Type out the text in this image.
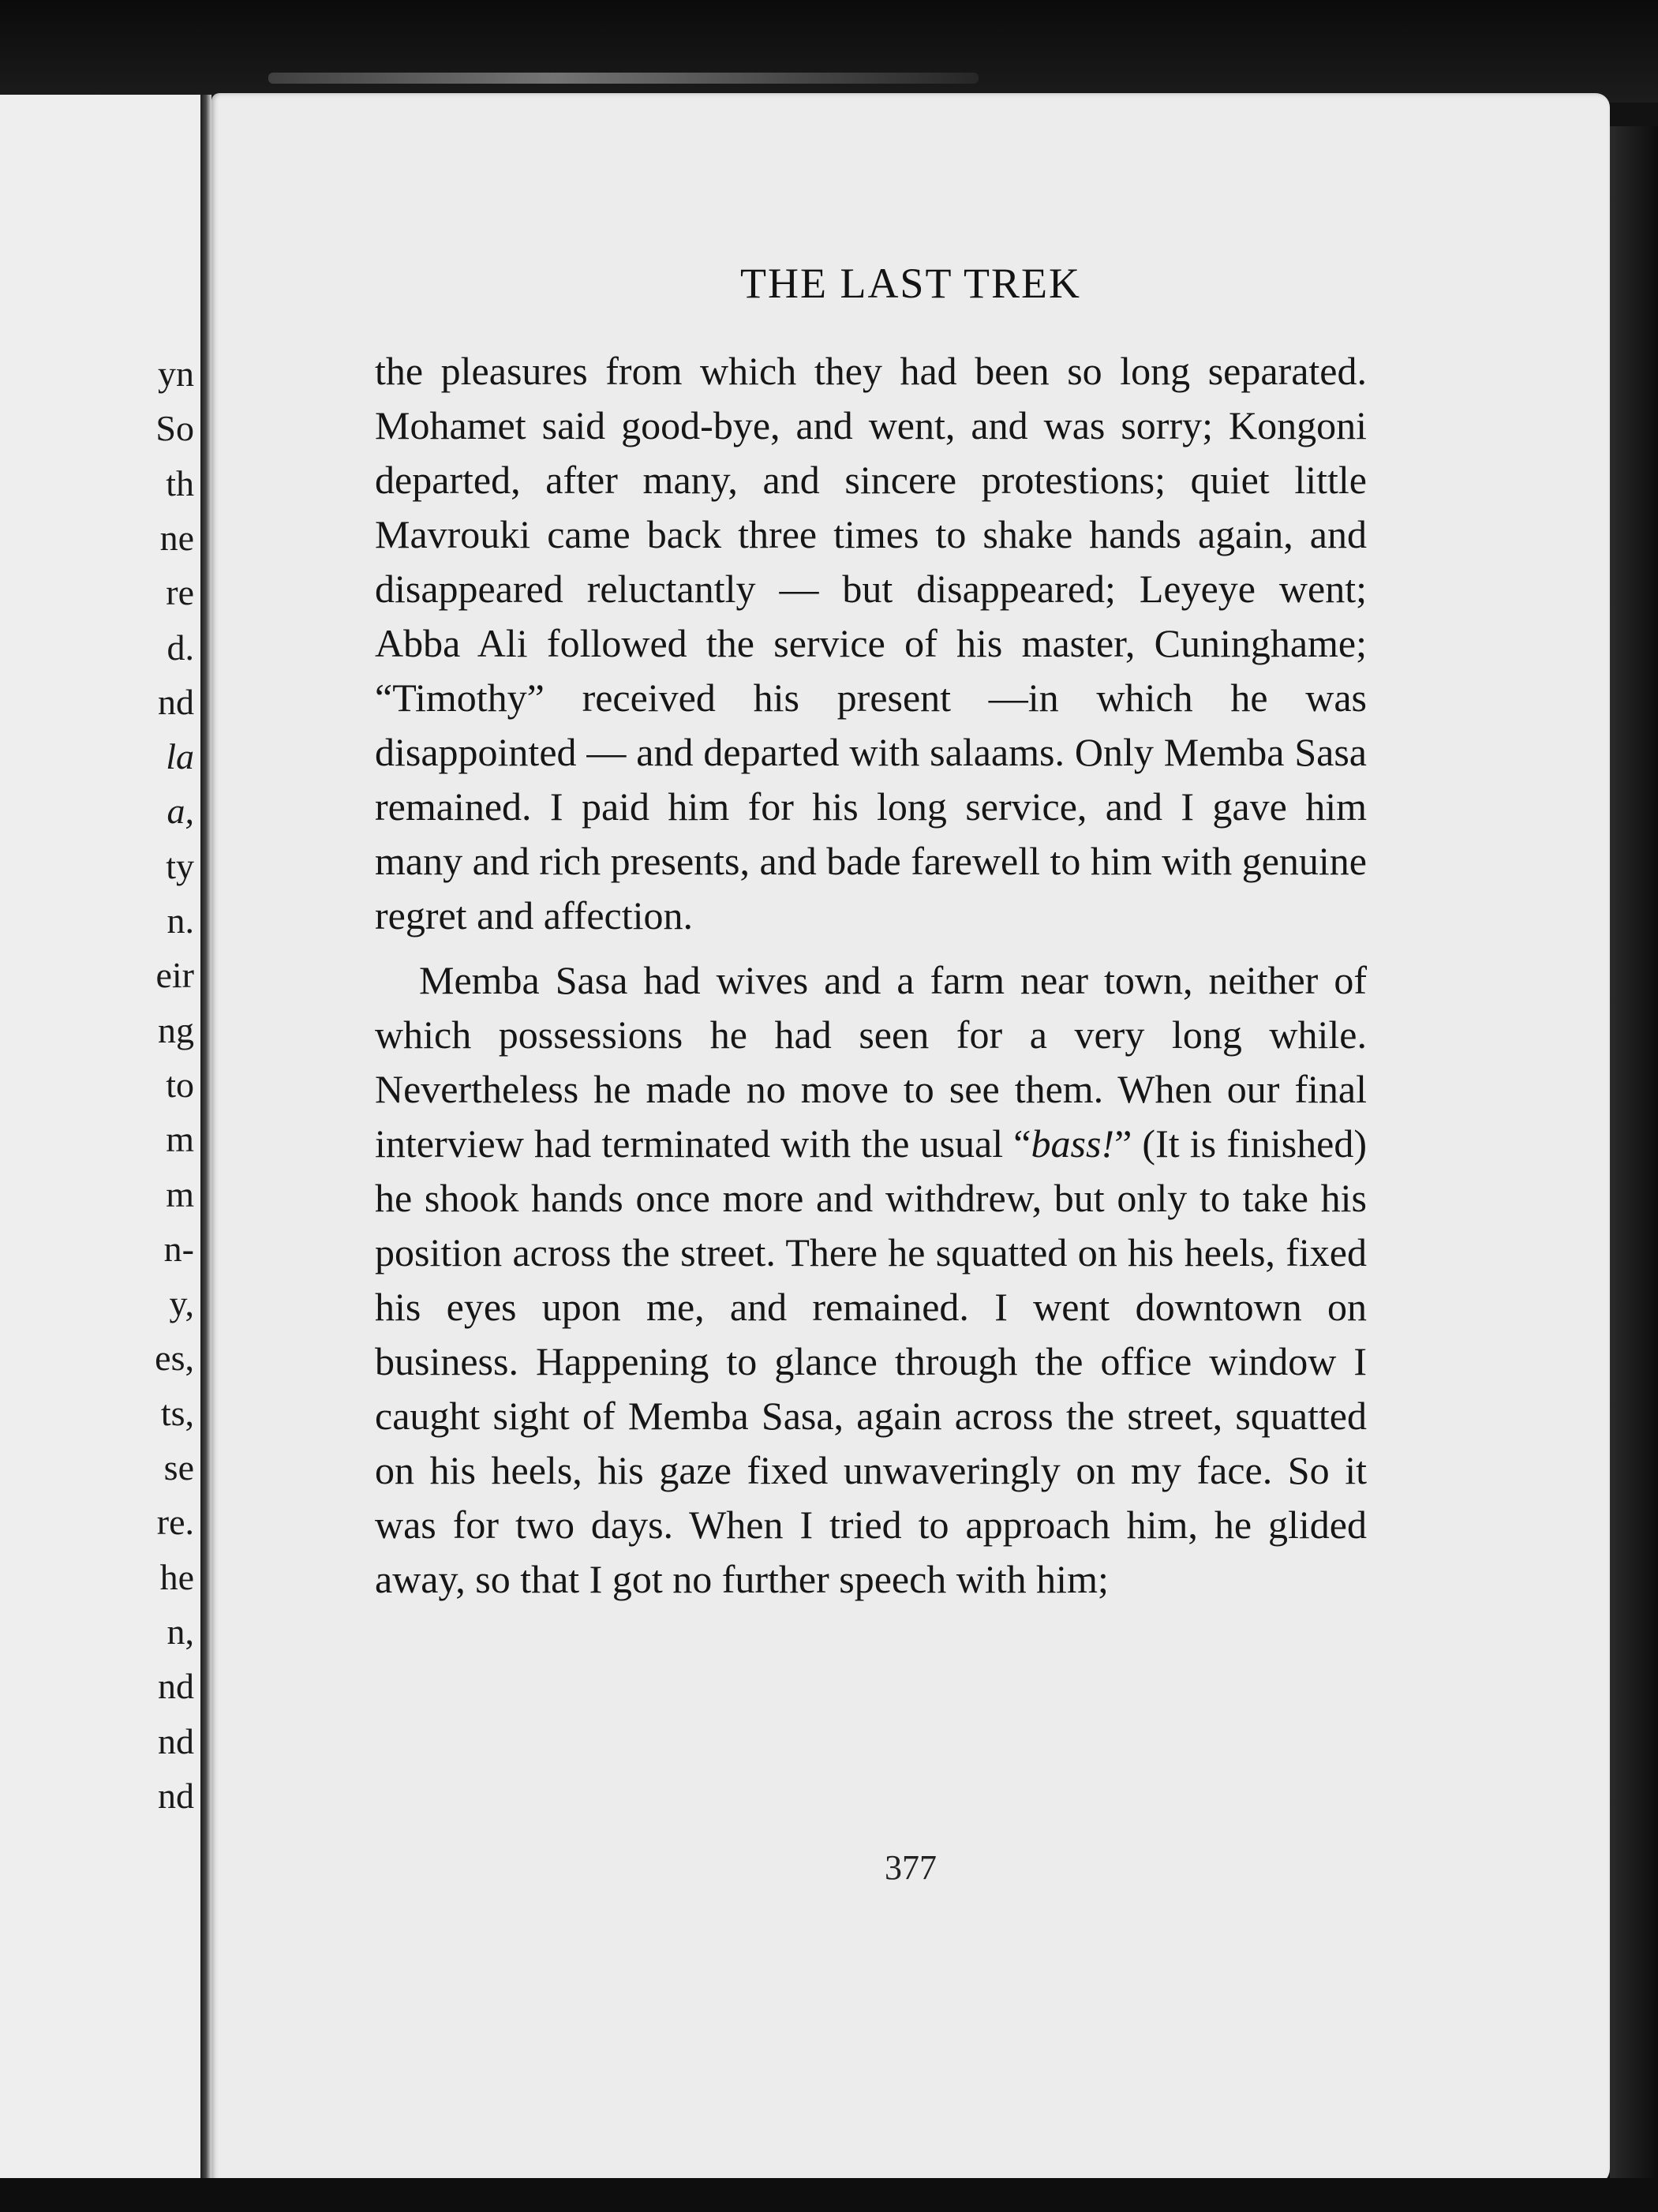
yn

So

th

ne

re

d.

nd

la

a,

ty

n.

eir

ng

to

m

m

n-

y,

es,

ts,

se

re.

he

n,

nd

nd

nd

THE LAST TREK

the pleasures from which they had been so long separated. Mohamet said good-bye, and went, and was sorry; Kongoni departed, after many, and sincere protestions; quiet little Mavrouki came back three times to shake hands again, and disappeared reluctantly — but disappeared; Leyeye went; Abba Ali followed the service of his master, Cuninghame; “Timothy” received his present —in which he was disappointed — and departed with salaams. Only Memba Sasa remained. I paid him for his long service, and I gave him many and rich presents, and bade farewell to him with genuine regret and affection.

Memba Sasa had wives and a farm near town, neither of which possessions he had seen for a very long while. Nevertheless he made no move to see them. When our final interview had terminated with the usual “bass!” (It is finished) he shook hands once more and withdrew, but only to take his position across the street. There he squatted on his heels, fixed his eyes upon me, and remained. I went downtown on business. Happening to glance through the office window I caught sight of Memba Sasa, again across the street, squatted on his heels, his gaze fixed unwaveringly on my face. So it was for two days. When I tried to approach him, he glided away, so that I got no further speech with him;

377
